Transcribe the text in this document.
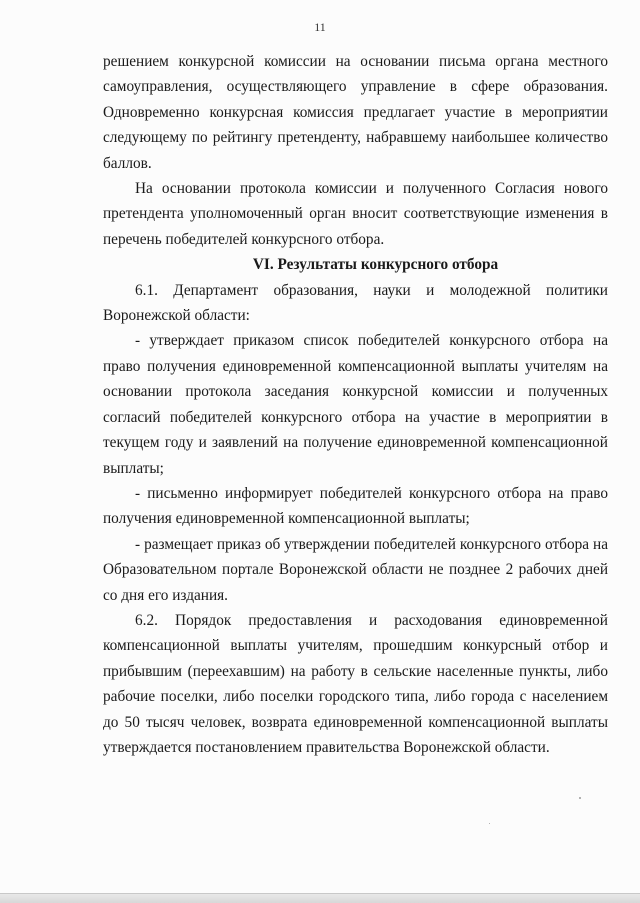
11

решением конкурсной комиссии на основании письма органа местного самоуправления, осуществляющего управление в сфере образования. Одновременно конкурсная комиссия предлагает участие в мероприятии следующему по рейтингу претенденту, набравшему наибольшее количество баллов.

На основании протокола комиссии и полученного Согласия нового претендента уполномоченный орган вносит соответствующие изменения в перечень победителей конкурсного отбора.

VI. Результаты конкурсного отбора

6.1. Департамент образования, науки и молодежной политики Воронежской области:

- утверждает приказом список победителей конкурсного отбора на право получения единовременной компенсационной выплаты учителям на основании протокола заседания конкурсной комиссии и полученных согласий победителей конкурсного отбора на участие в мероприятии в текущем году и заявлений на получение единовременной компенсационной выплаты;

- письменно информирует победителей конкурсного отбора на право получения единовременной компенсационной выплаты;

- размещает приказ об утверждении победителей конкурсного отбора на Образовательном портале Воронежской области не позднее 2 рабочих дней со дня его издания.

6.2. Порядок предоставления и расходования единовременной компенсационной выплаты учителям, прошедшим конкурсный отбор и прибывшим (переехавшим) на работу в сельские населенные пункты, либо рабочие поселки, либо поселки городского типа, либо города с населением до 50 тысяч человек, возврата единовременной компенсационной выплаты утверждается постановлением правительства Воронежской области.
